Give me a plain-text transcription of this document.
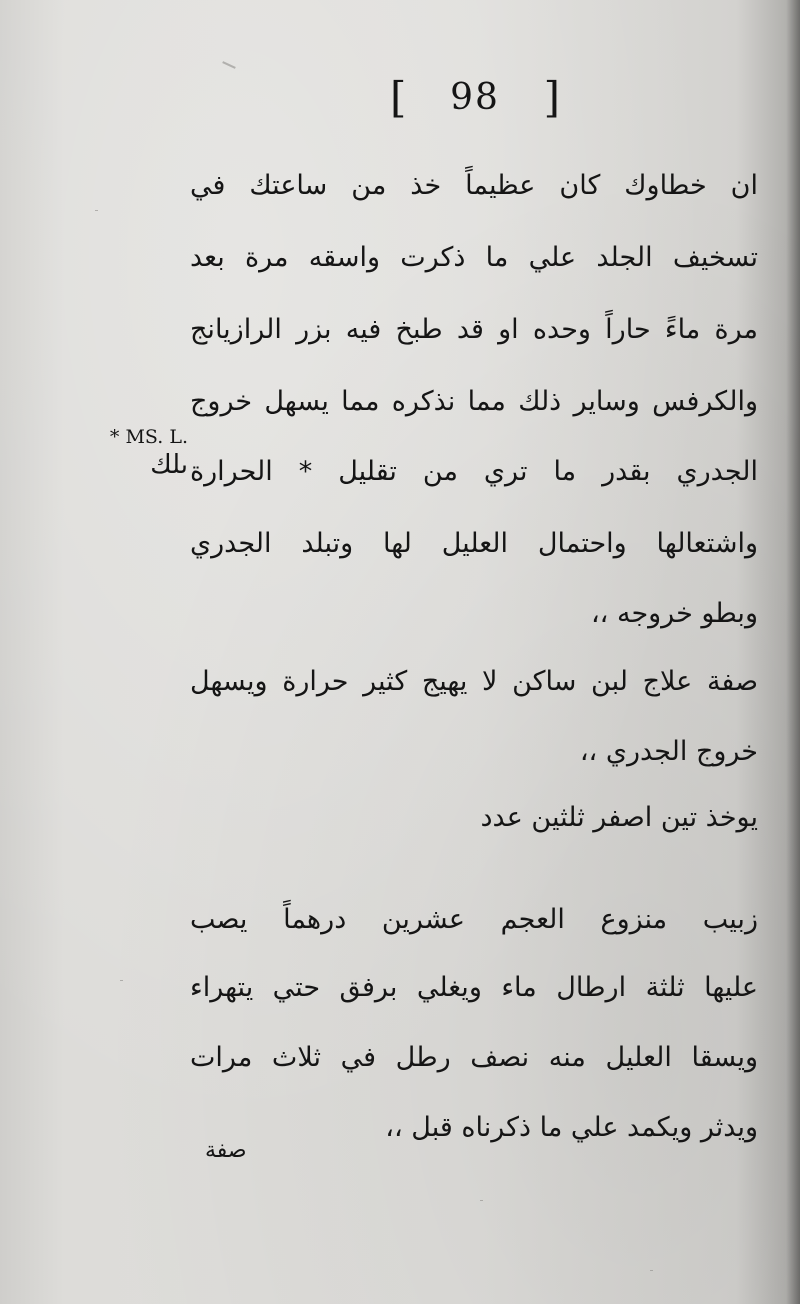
[ 98 ]
ان خطاوك كان عظيماً خذ من ساعتك في
تسخيف الجلد علي ما ذكرت واسقه مرة بعد
مرة ماءً حاراً وحده او قد طبخ فيه بزر الرازيانج
والكرفس وساير ذلك مما نذكره مما يسهل خروج
الجدري بقدر ما تري من تقليل * الحرارة
واشتعالها واحتمال العليل لها وتبلد الجدري
وبطو خروجه ،،
صفة علاج لبن ساكن لا يهيج كثير حرارة ويسهل
خروج الجدري ،،
يوخذ تين اصفر ثلثين عدد
زبيب منزوع العجم عشرين درهماً يصب
عليها ثلثة ارطال ماء ويغلي برفق حتي يتهراء
ويسقا العليل منه نصف رطل في ثلاث مرات
ويدثر ويكمد علي ما ذكرناه قبل ،،
* MS. L.
ىلك
صفة
